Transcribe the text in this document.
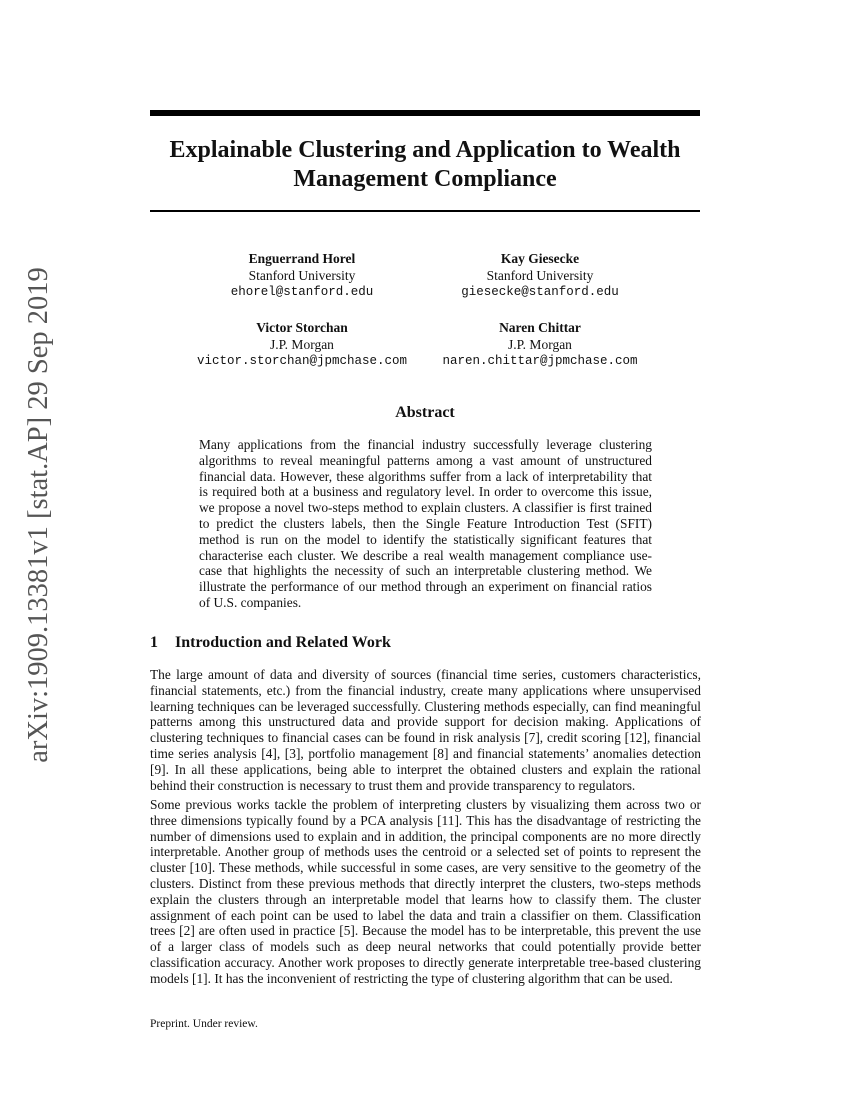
arXiv:1909.13381v1 [stat.AP] 29 Sep 2019
Explainable Clustering and Application to Wealth
Management Compliance
Enguerrand Horel
Stanford University
ehorel@stanford.edu
Kay Giesecke
Stanford University
giesecke@stanford.edu
Victor Storchan
J.P. Morgan
victor.storchan@jpmchase.com
Naren Chittar
J.P. Morgan
naren.chittar@jpmchase.com
Abstract

Many applications from the financial industry successfully leverage clustering algorithms to reveal meaningful patterns among a vast amount of unstructured financial data. However, these algorithms suffer from a lack of interpretability that is required both at a business and regulatory level. In order to overcome this issue, we propose a novel two-steps method to explain clusters. A classifier is first trained to predict the clusters labels, then the Single Feature Introduction Test (SFIT) method is run on the model to identify the statistically significant features that characterise each cluster. We describe a real wealth management compliance use-case that highlights the necessity of such an interpretable clustering method. We illustrate the performance of our method through an experiment on financial ratios of U.S. companies.

1 Introduction and Related Work

The large amount of data and diversity of sources (financial time series, customers characteristics, financial statements, etc.) from the financial industry, create many applications where unsupervised learning techniques can be leveraged successfully. Clustering methods especially, can find meaningful patterns among this unstructured data and provide support for decision making. Applications of clustering techniques to financial cases can be found in risk analysis [7], credit scoring [12], financial time series analysis [4], [3], portfolio management [8] and financial statements’ anomalies detection [9]. In all these applications, being able to interpret the obtained clusters and explain the rational behind their construction is necessary to trust them and provide transparency to regulators.

Some previous works tackle the problem of interpreting clusters by visualizing them across two or three dimensions typically found by a PCA analysis [11]. This has the disadvantage of restricting the number of dimensions used to explain and in addition, the principal components are no more directly interpretable. Another group of methods uses the centroid or a selected set of points to represent the cluster [10]. These methods, while successful in some cases, are very sensitive to the geometry of the clusters. Distinct from these previous methods that directly interpret the clusters, two-steps methods explain the clusters through an interpretable model that learns how to classify them. The cluster assignment of each point can be used to label the data and train a classifier on them. Classification trees [2] are often used in practice [5]. Because the model has to be interpretable, this prevent the use of a larger class of models such as deep neural networks that could potentially provide better classification accuracy. Another work proposes to directly generate interpretable tree-based clustering models [1]. It has the inconvenient of restricting the type of clustering algorithm that can be used.

Preprint. Under review.
